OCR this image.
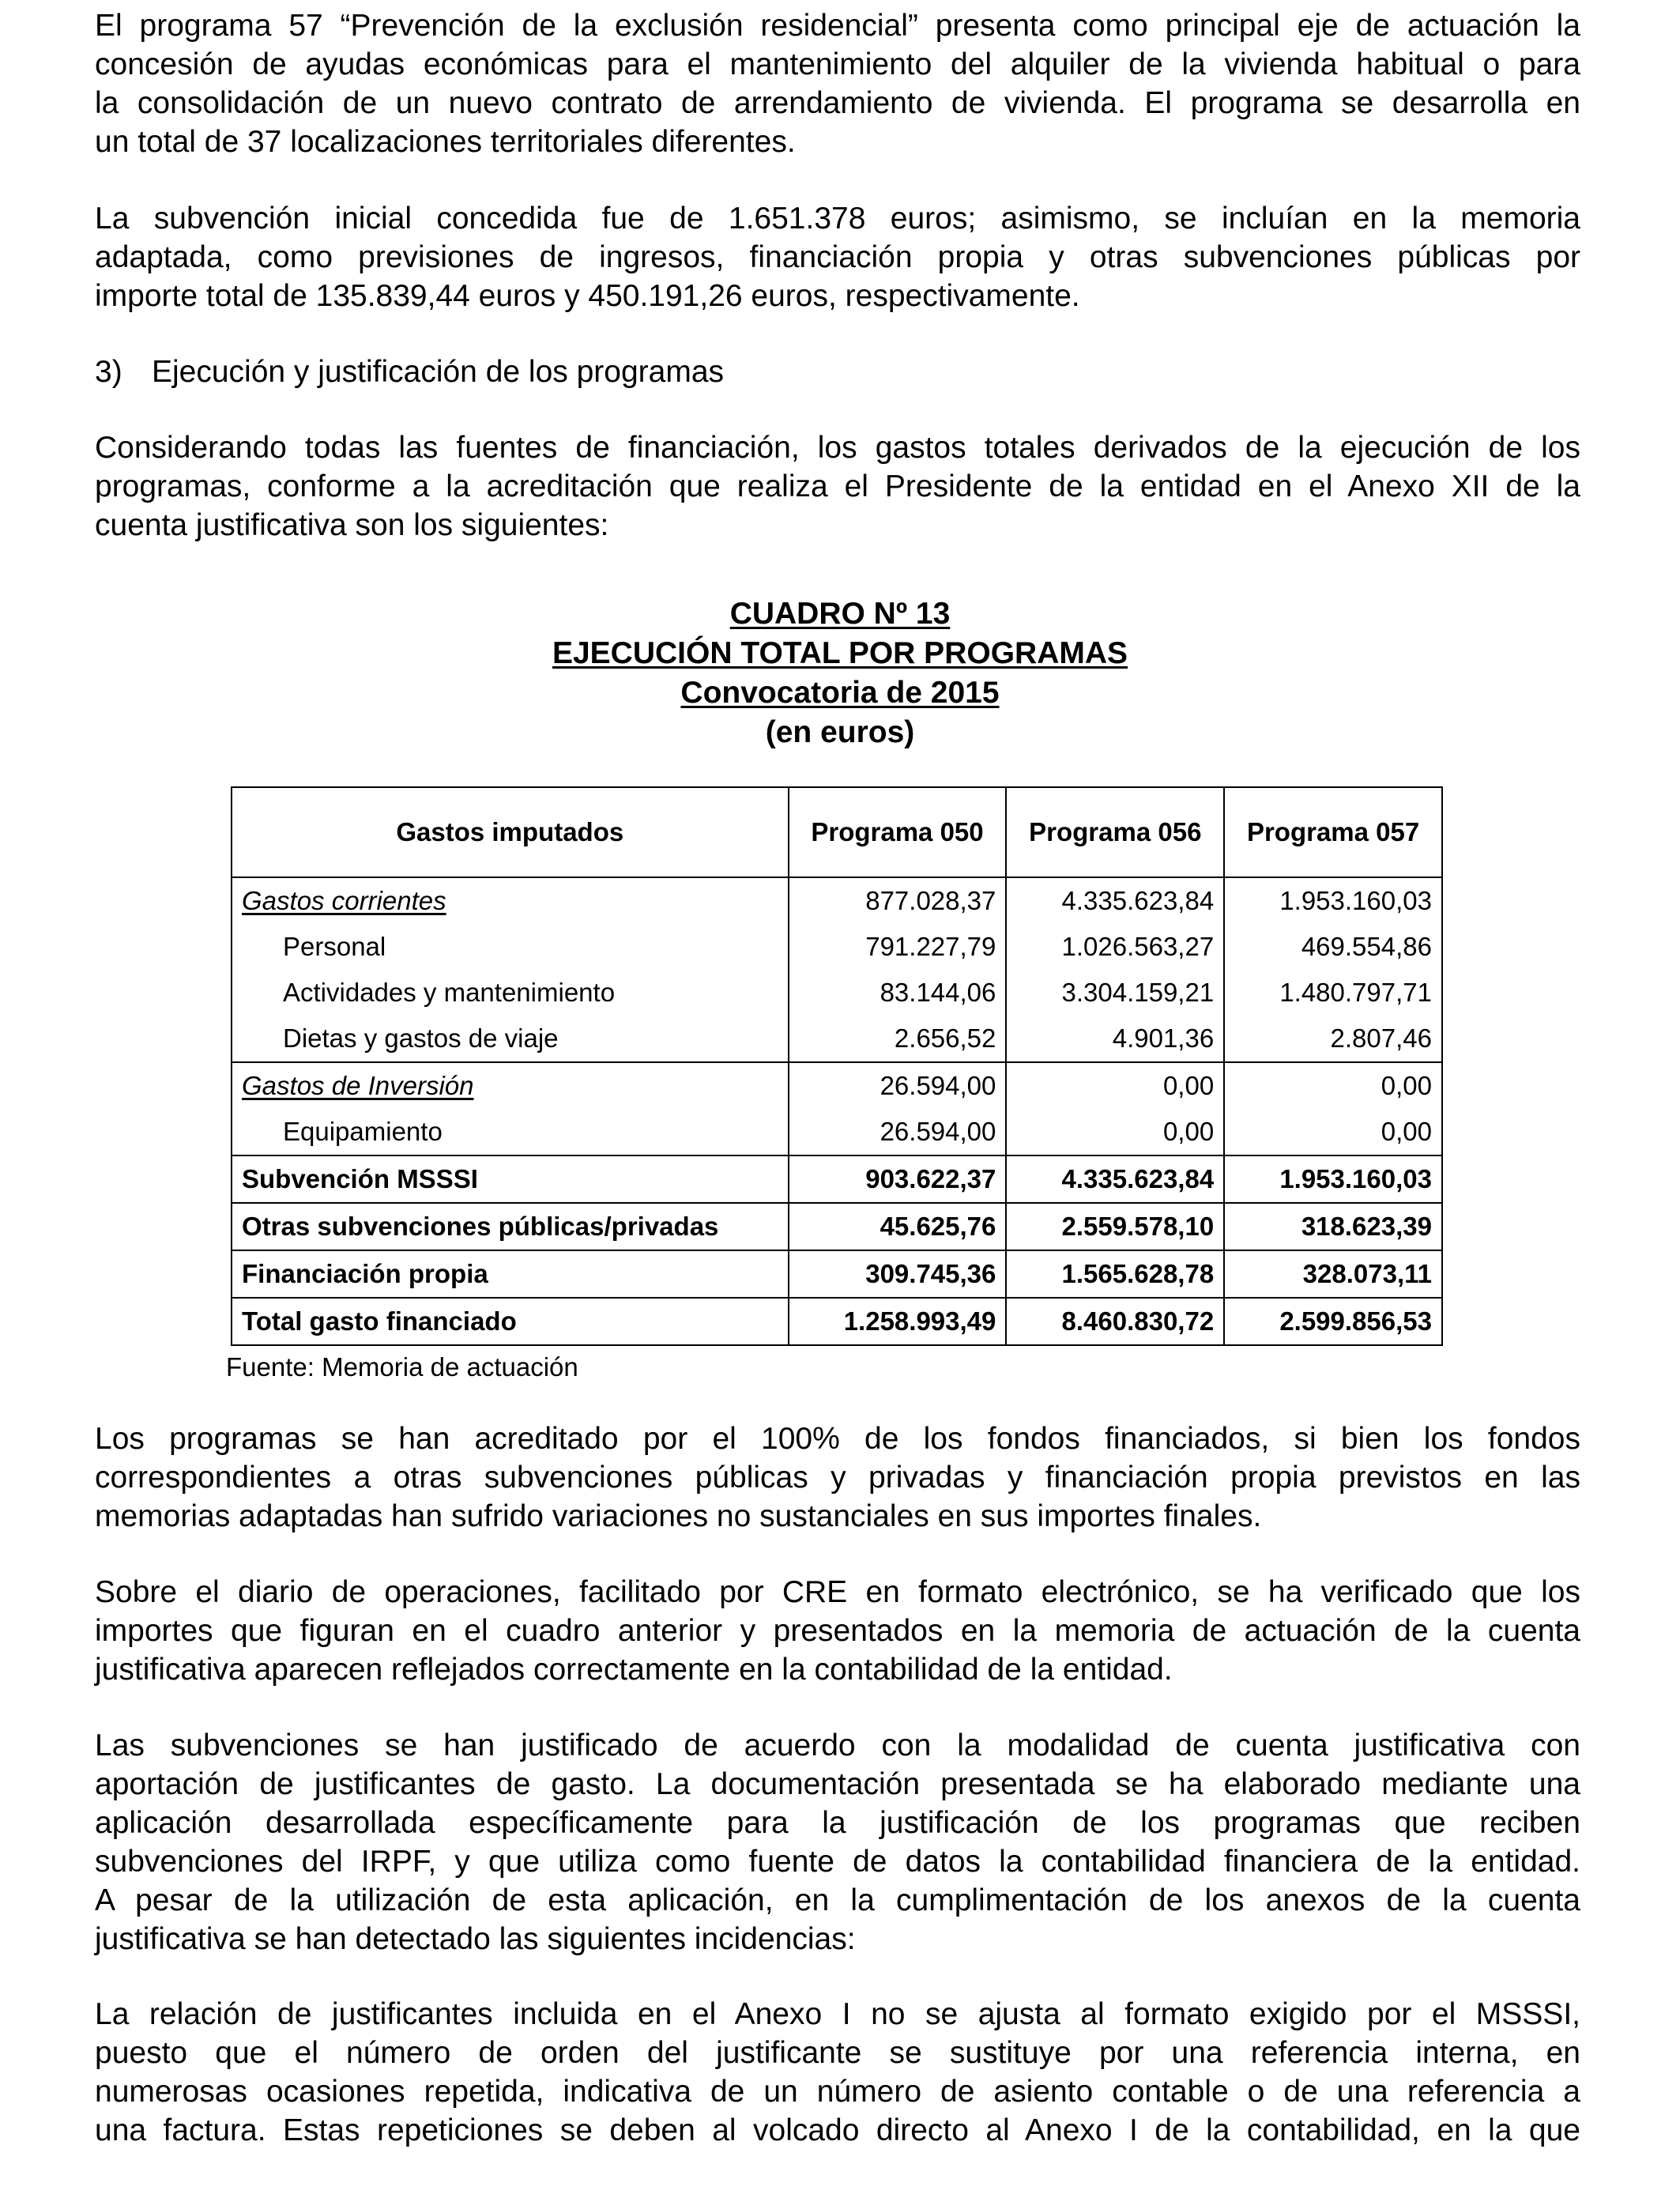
El programa 57 “Prevención de la exclusión residencial” presenta como principal eje de actuación la
concesión de ayudas económicas para el mantenimiento del alquiler de la vivienda habitual o para
la consolidación de un nuevo contrato de arrendamiento de vivienda. El programa se desarrolla en
un total de 37 localizaciones territoriales diferentes.

La subvención inicial concedida fue de 1.651.378 euros; asimismo, se incluían en la memoria
adaptada, como previsiones de ingresos, financiación propia y otras subvenciones públicas por
importe total de 135.839,44 euros y 450.191,26 euros, respectivamente.

3) Ejecución y justificación de los programas

Considerando todas las fuentes de financiación, los gastos totales derivados de la ejecución de los
programas, conforme a la acreditación que realiza el Presidente de la entidad en el Anexo XII de la
cuenta justificativa son los siguientes:

CUADRO Nº 13
EJECUCIÓN TOTAL POR PROGRAMAS
Convocatoria de 2015
(en euros)
Gastos imputados	Programa 050	Programa 056	Programa 057
Gastos corrientes	877.028,37	4.335.623,84	1.953.160,03
Personal	791.227,79	1.026.563,27	469.554,86
Actividades y mantenimiento	83.144,06	3.304.159,21	1.480.797,71
Dietas y gastos de viaje	2.656,52	4.901,36	2.807,46
Gastos de Inversión	26.594,00	0,00	0,00
Equipamiento	26.594,00	0,00	0,00
Subvención MSSSI	903.622,37	4.335.623,84	1.953.160,03
Otras subvenciones públicas/privadas	45.625,76	2.559.578,10	318.623,39
Financiación propia	309.745,36	1.565.628,78	328.073,11
Total gasto financiado	1.258.993,49	8.460.830,72	2.599.856,53
Fuente: Memoria de actuación

Los programas se han acreditado por el 100% de los fondos financiados, si bien los fondos
correspondientes a otras subvenciones públicas y privadas y financiación propia previstos en las
memorias adaptadas han sufrido variaciones no sustanciales en sus importes finales.

Sobre el diario de operaciones, facilitado por CRE en formato electrónico, se ha verificado que los
importes que figuran en el cuadro anterior y presentados en la memoria de actuación de la cuenta
justificativa aparecen reflejados correctamente en la contabilidad de la entidad.

Las subvenciones se han justificado de acuerdo con la modalidad de cuenta justificativa con
aportación de justificantes de gasto. La documentación presentada se ha elaborado mediante una
aplicación desarrollada específicamente para la justificación de los programas que reciben
subvenciones del IRPF, y que utiliza como fuente de datos la contabilidad financiera de la entidad.
A pesar de la utilización de esta aplicación, en la cumplimentación de los anexos de la cuenta
justificativa se han detectado las siguientes incidencias:

La relación de justificantes incluida en el Anexo I no se ajusta al formato exigido por el MSSSI,
puesto que el número de orden del justificante se sustituye por una referencia interna, en
numerosas ocasiones repetida, indicativa de un número de asiento contable o de una referencia a
una factura. Estas repeticiones se deben al volcado directo al Anexo I de la contabilidad, en la que
